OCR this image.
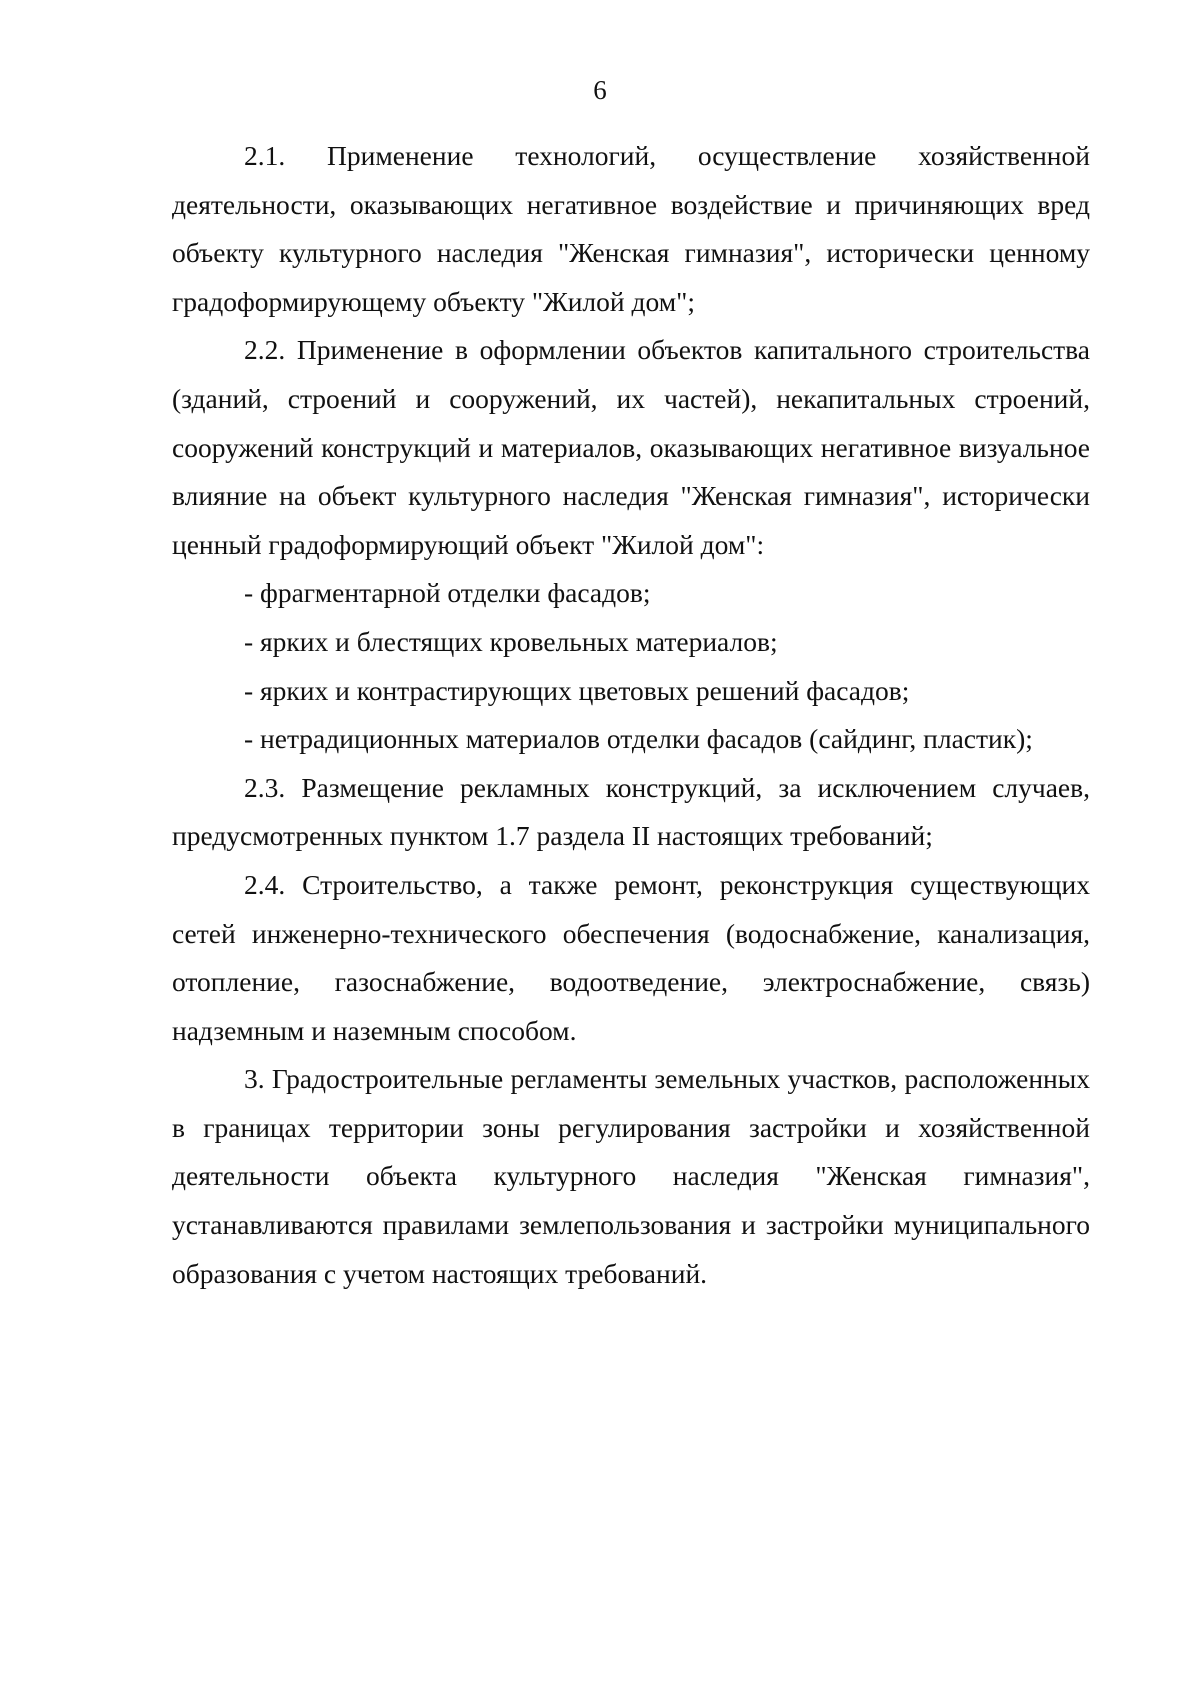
6

2.1. Применение технологий, осуществление хозяйственной деятельности, оказывающих негативное воздействие и причиняющих вред объекту культурного наследия "Женская гимназия", исторически ценному градоформирующему объекту "Жилой дом";

2.2. Применение в оформлении объектов капитального строительства (зданий, строений и сооружений, их частей), некапитальных строений, сооружений конструкций и материалов, оказывающих негативное визуальное влияние на объект культурного наследия "Женская гимназия", исторически ценный градоформирующий объект "Жилой дом":

- фрагментарной отделки фасадов;

- ярких и блестящих кровельных материалов;

- ярких и контрастирующих цветовых решений фасадов;

- нетрадиционных материалов отделки фасадов (сайдинг, пластик);

2.3. Размещение рекламных конструкций, за исключением случаев, предусмотренных пунктом 1.7 раздела II настоящих требований;

2.4. Строительство, а также ремонт, реконструкция существующих сетей инженерно-технического обеспечения (водоснабжение, канализация, отопление, газоснабжение, водоотведение, электроснабжение, связь) надземным и наземным способом.

3. Градостроительные регламенты земельных участков, расположенных в границах территории зоны регулирования застройки и хозяйственной деятельности объекта культурного наследия "Женская гимназия", устанавливаются правилами землепользования и застройки муниципального образования с учетом настоящих требований.
